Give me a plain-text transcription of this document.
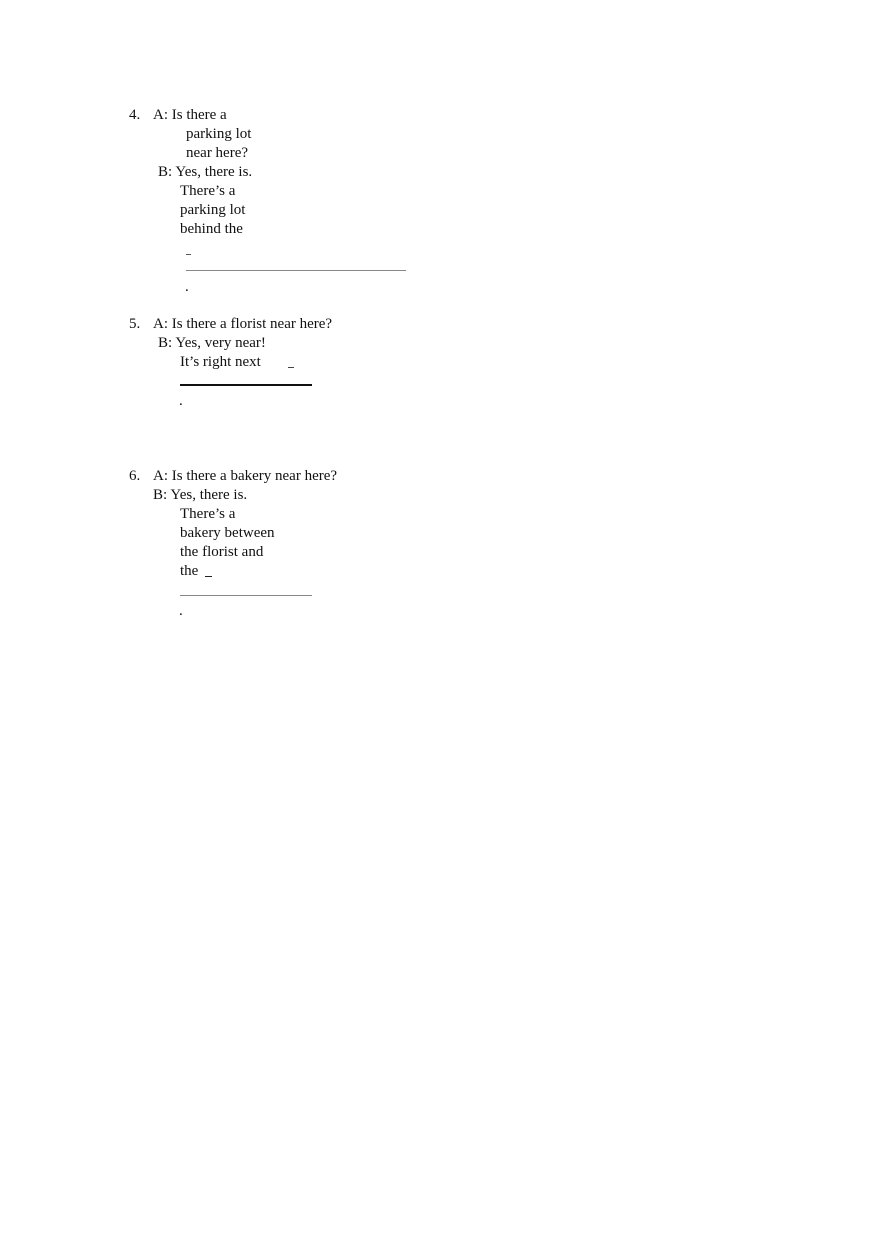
4. A: Is there a
parking lot
near here?
B: Yes, there is.
There’s a
parking lot
behind the
.
5. A: Is there a florist near here?
B: Yes, very near!
It’s right next
.
6. A: Is there a bakery near here?
B: Yes, there is.
There’s a
bakery between
the florist and
the
.
